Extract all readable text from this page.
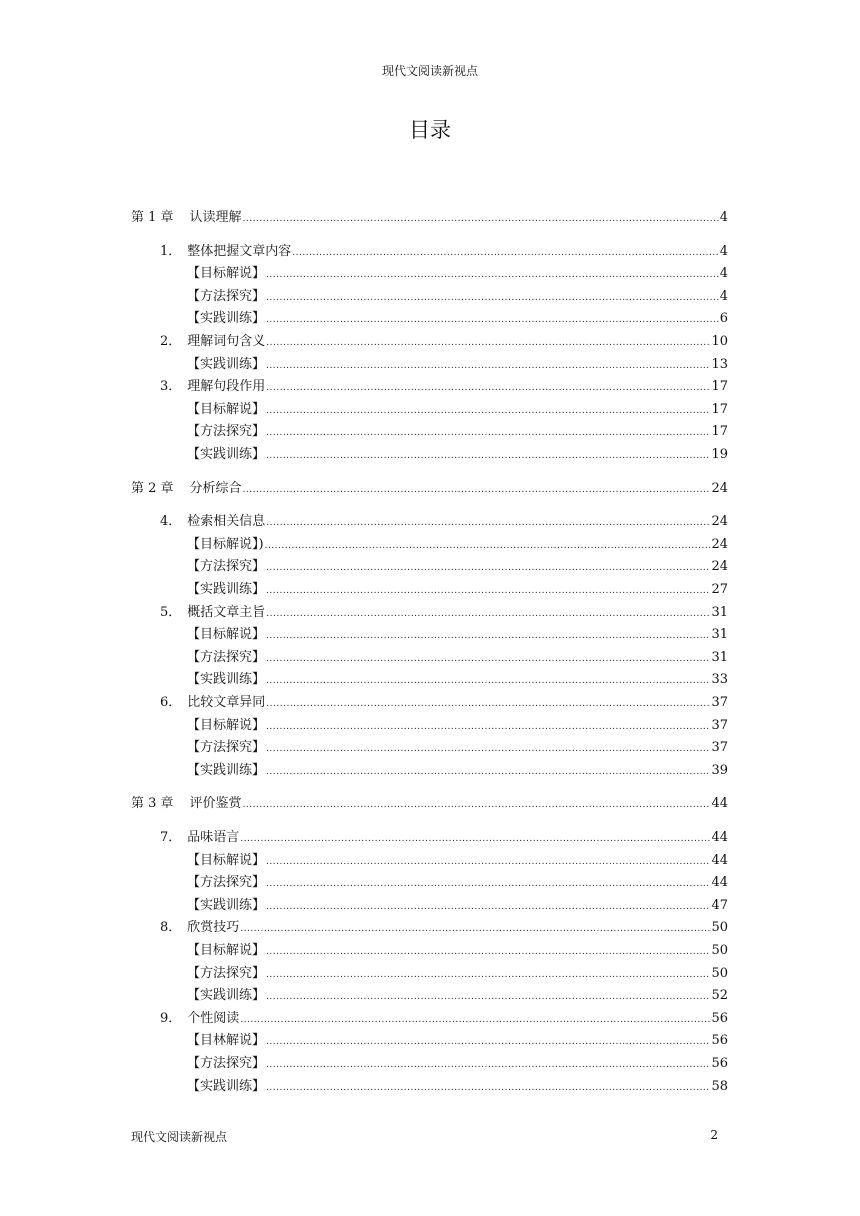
现代文阅读新视点
目录
第 1 章 认读理解 .....	4
1． 整体把握文章内容 .....	4
【目标解说】 .....	4
【方法探究】 .....	4
【实践训练】 .....	6
2． 理解词句含义 .....	10
【实践训练】 .....	13
3． 理解句段作用 .....	17
【目标解说】 .....	17
【方法探究】 .....	17
【实践训练】 .....	19
第 2 章 分析综合 .....	24
4． 检索相关信息 .....	24
【目标解说】) .....	24
【方法探究】 .....	24
【实践训练】 .....	27
5． 概括文章主旨 .....	31
【目标解说】 .....	31
【方法探究】 .....	31
【实践训练】 .....	33
6． 比较文章异同 .....	37
【目标解说】 .....	37
【方法探究】 .....	37
【实践训练】 .....	39
第 3 章 评价鉴赏 .....	44
7． 品味语言 .....	44
【目标解说】 .....	44
【方法探究】 .....	44
【实践训练】 .....	47
8． 欣赏技巧 .....	50
【目标解说】 .....	50
【方法探究】 .....	50
【实践训练】 .....	52
9． 个性阅读 .....	56
【目林解说】 .....	56
【方法探究】 .....	56
【实践训练】 .....	58
现代文阅读新视点	2
